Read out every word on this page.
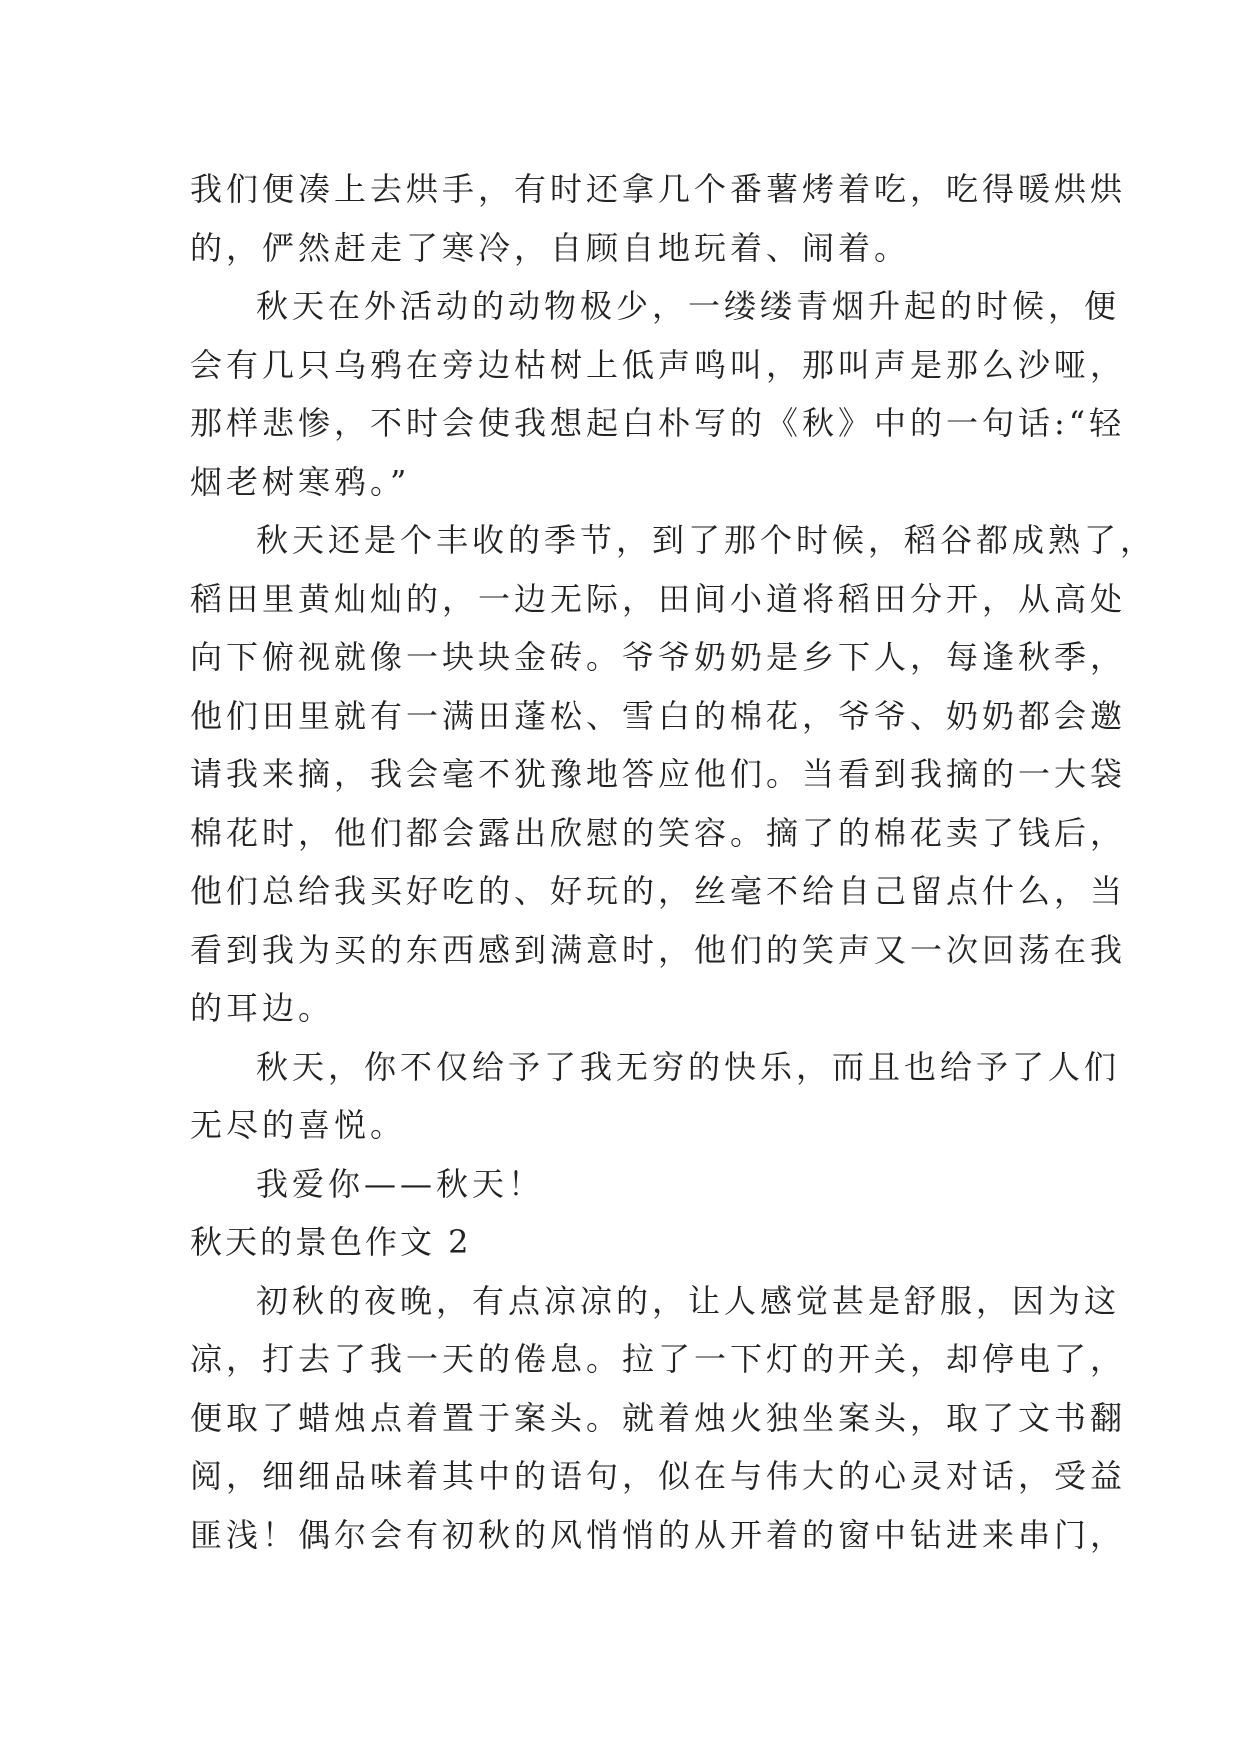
我们便凑上去烘手，有时还拿几个番薯烤着吃，吃得暖烘烘
的，俨然赶走了寒冷，自顾自地玩着、闹着。
秋天在外活动的动物极少，一缕缕青烟升起的时候，便
会有几只乌鸦在旁边枯树上低声鸣叫，那叫声是那么沙哑，
那样悲惨，不时会使我想起白朴写的《秋》中的一句话:“轻
烟老树寒鸦。”
秋天还是个丰收的季节，到了那个时候，稻谷都成熟了，
稻田里黄灿灿的，一边无际，田间小道将稻田分开，从高处
向下俯视就像一块块金砖。爷爷奶奶是乡下人，每逢秋季，
他们田里就有一满田蓬松、雪白的棉花，爷爷、奶奶都会邀
请我来摘，我会毫不犹豫地答应他们。当看到我摘的一大袋
棉花时，他们都会露出欣慰的笑容。摘了的棉花卖了钱后，
他们总给我买好吃的、好玩的，丝毫不给自己留点什么，当
看到我为买的东西感到满意时，他们的笑声又一次回荡在我
的耳边。
秋天，你不仅给予了我无穷的快乐，而且也给予了人们
无尽的喜悦。
我爱你——秋天！
秋天的景色作文 2
初秋的夜晚，有点凉凉的，让人感觉甚是舒服，因为这
凉，打去了我一天的倦息。拉了一下灯的开关，却停电了，
便取了蜡烛点着置于案头。就着烛火独坐案头，取了文书翻
阅，细细品味着其中的语句，似在与伟大的心灵对话，受益
匪浅！偶尔会有初秋的风悄悄的从开着的窗中钻进来串门，
